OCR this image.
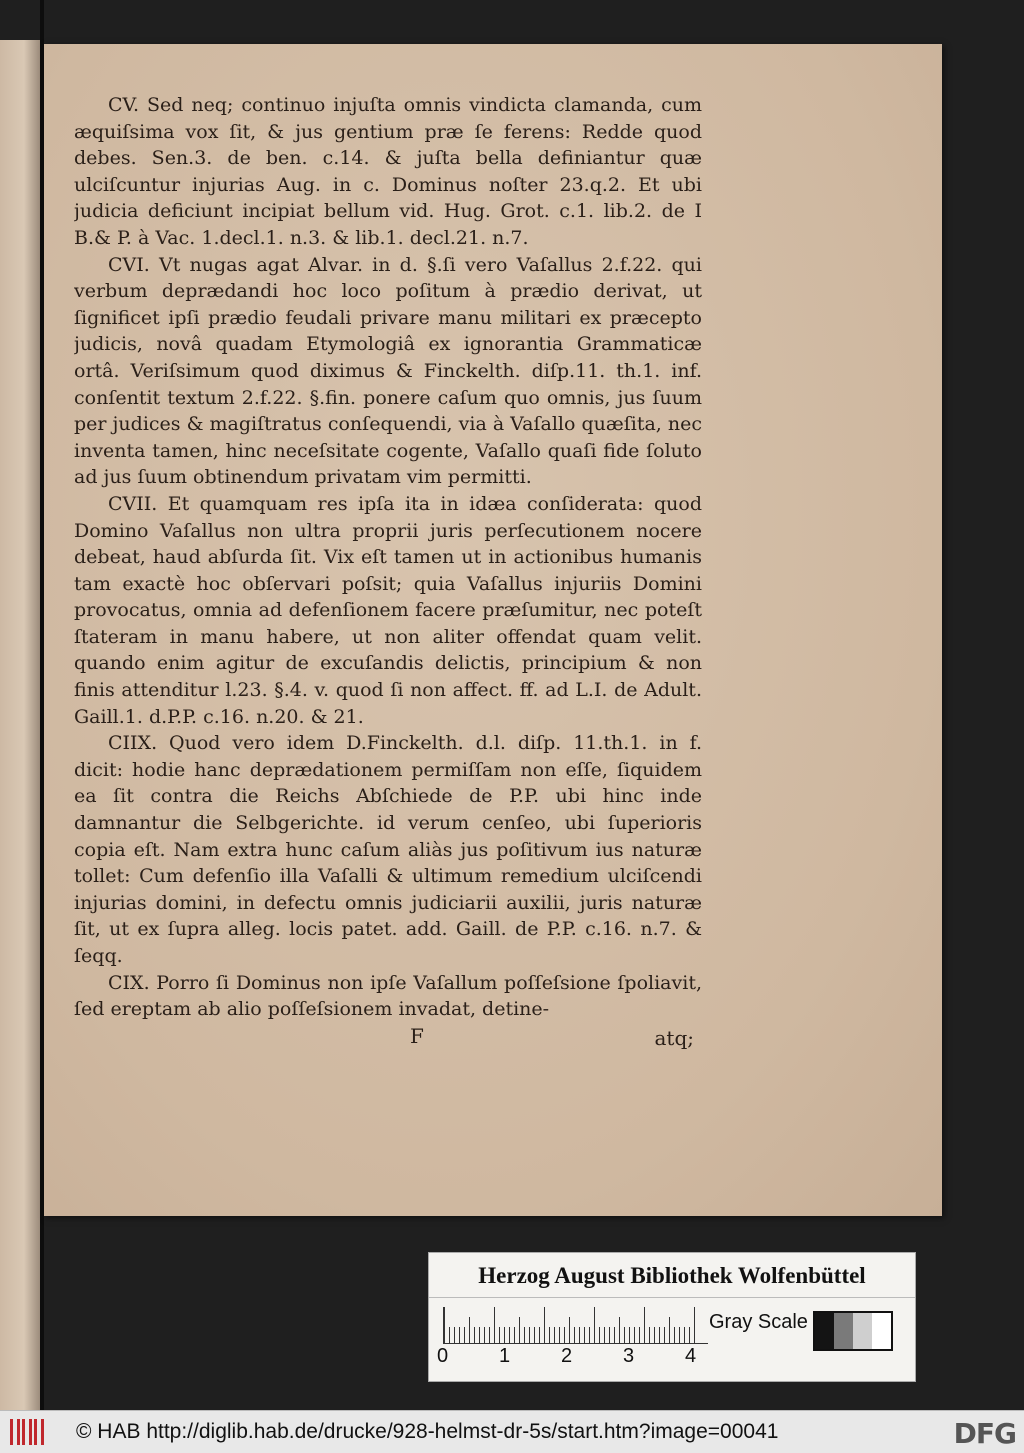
CV. Sed neq; continuo injuſta omnis vindicta clamanda, cum æquiſsima vox ſit, & jus gentium præ ſe ferens: Redde quod debes. Sen.3. de ben. c.14. & juſta bella definiantur quæ ulciſcuntur injurias Aug. in c. Dominus noſter 23.q.2. Et ubi judicia deficiunt incipiat bellum vid. Hug. Grot. c.1. lib.2. de I B.& P. à Vac. 1.decl.1. n.3. & lib.1. decl.21. n.7.

CVI. Vt nugas agat Alvar. in d. §.ſi vero Vaſallus 2.f.22. qui verbum deprædandi hoc loco poſitum à prædio derivat, ut ſignificet ipſi prædio feudali privare manu militari ex præcepto judicis, novâ quadam Etymologiâ ex ignorantia Grammaticæ ortâ. Veriſsimum quod diximus & Finckelth. diſp.11. th.1. inf. conſentit textum 2.f.22. §.fin. ponere caſum quo omnis, jus ſuum per judices & magiſtratus conſequendi, via à Vaſallo quæſita, nec inventa tamen, hinc neceſsitate cogente, Vaſallo quaſi fide ſoluto ad jus ſuum obtinendum privatam vim permitti.

CVII. Et quamquam res ipſa ita in idæa conſiderata: quod Domino Vaſallus non ultra proprii juris perſecutionem nocere debeat, haud abſurda ſit. Vix eſt tamen ut in actionibus humanis tam exactè hoc obſervari poſsit; quia Vaſallus injuriis Domini provocatus, omnia ad defenſionem facere præſumitur, nec poteſt ſtateram in manu habere, ut non aliter offendat quam velit. quando enim agitur de excuſandis delictis, principium & non finis attenditur l.23. §.4. v. quod ſi non affect. ff. ad L.I. de Adult. Gaill.1. d.P.P. c.16. n.20. & 21.

CIIX. Quod vero idem D.Finckelth. d.l. diſp. 11.th.1. in f. dicit: hodie hanc deprædationem permiſſam non eſſe, ſiquidem ea ſit contra die Reichs Abſchiede de P.P. ubi hinc inde damnantur die Selbgerichte. id verum cenſeo, ubi ſuperioris copia eſt. Nam extra hunc caſum aliàs jus poſitivum ius naturæ tollet: Cum defenſio illa Vaſalli & ultimum remedium ulciſcendi injurias domini, in defectu omnis judiciarii auxilii, juris naturæ ſit, ut ex ſupra alleg. locis patet. add. Gaill. de P.P. c.16. n.7. & ſeqq.

CIX. Porro ſi Dominus non ipſe Vaſallum poſſeſsione ſpoliavit, ſed ereptam ab alio poſſeſsionem invadat, detine-

F	atq;
Herzog August Bibliothek Wolfenbüttel
0	1	2	3	4
Gray Scale
© HAB http://diglib.hab.de/drucke/928-helmst-dr-5s/start.htm?image=00041	DFG
